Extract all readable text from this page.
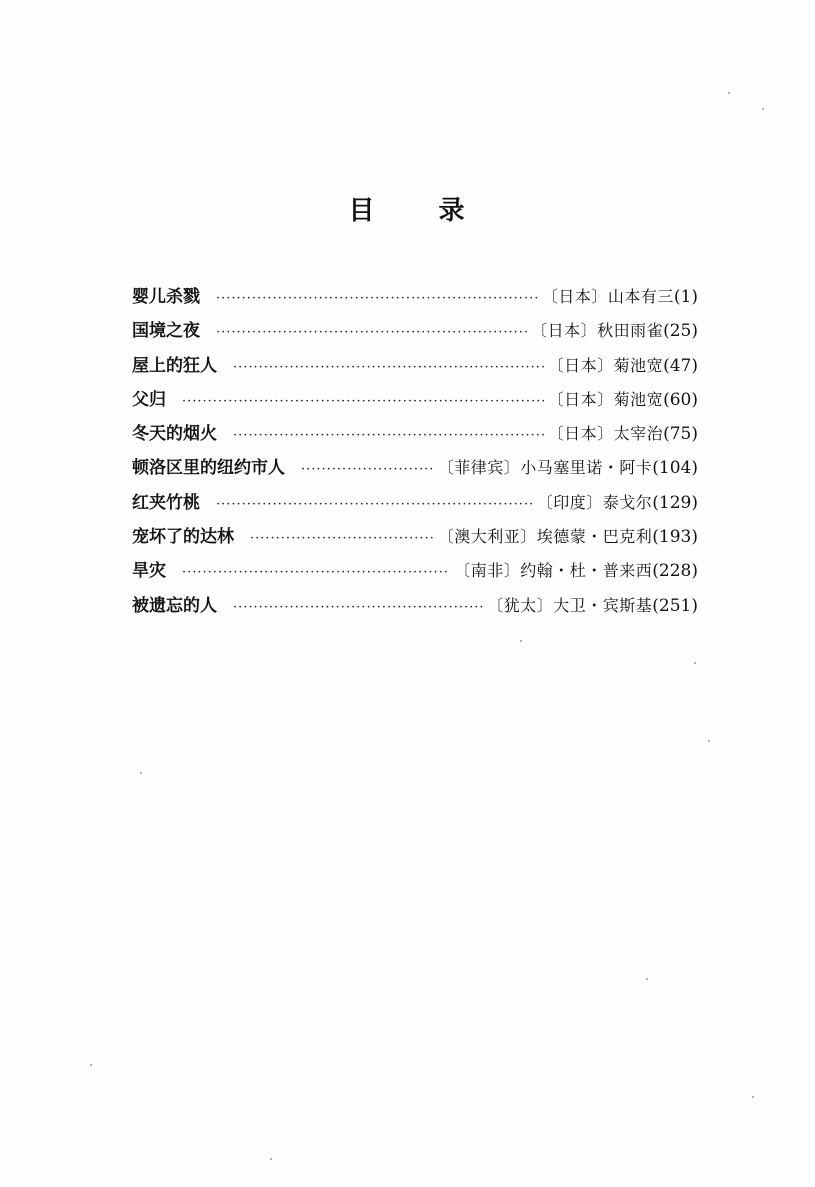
目 录
婴儿杀戮 ·····	〔日本〕山本有三 (1)
国境之夜 ·····	〔日本〕秋田雨雀 (25)
屋上的狂人 ·····	〔日本〕菊池宽 (47)
父归 ·····	〔日本〕菊池宽 (60)
冬天的烟火 ·····	〔日本〕太宰治 (75)
顿洛区里的纽约市人 ·····	〔菲律宾〕小马塞里诺・阿卡 (104)
红夹竹桃 ·····	〔印度〕泰戈尔 (129)
宠坏了的达林 ·····	〔澳大利亚〕埃德蒙・巴克利 (193)
旱灾 ·····	〔南非〕约翰・杜・普来西 (228)
被遗忘的人 ·····	〔犹太〕大卫・宾斯基 (251)
